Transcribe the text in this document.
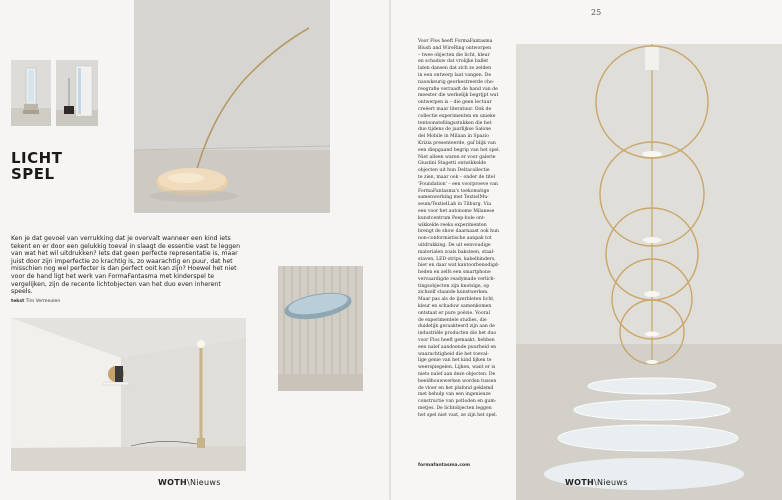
LICHT
SPEL

Ken je dat gevoel van verrukking dat je overvalt wanneer een kind iets tekent en er door een gelukkig toeval in slaagt de essentie vast te leggen van wat het wil uitdrukken? Iets dat geen perfecte representatie is, maar juist door zijn imperfectie zo krachtig is, zo waarachtig en puur, dat het misschien nog wel perfecter is dan perfect ooit kan zijn? Hoewel het niet voor de hand ligt het werk van FormaFantasma met kinderspel te vergelijken, zijn de recente lichtobjecten van het duo even inherent speels.

tekst Tim Vermeulen
WOTH\Nieuws
25
Voor Flos heeft FormaFantasma
Blush and WireRing ontworpen
– twee objecten die licht, kleur
en schaduw dat vrolijke ballet
laten dansen dat zich zo zelden
in een ontwerp laat vangen. De
nauwkeurig georkestreerde cho-
reografie verraadt de hand van de
meester die werkelijk begrijpt wat
ontwerpen is – die geen lectuur
creëert maar literatuur. Ook de
collectie experimenten en unieke
tentoonstellingsstukken die het
duo tijdens de jaarlijkse Salone
del Mobile in Milaan in Spazio
Krizia presenteerde, gaf blijk van
een diepgaand begrip van het spel.
Niet alleen waren er voor galerie
Giustini Stagetti ontwikkelde
objecten uit hun Deltacollectie
te zien, maar ook – onder de titel
'Foundation' – een voorproeve van
FormaFantasma's toekomstige
samenwerking met TextielMu-
seum/TextielLab in Tilburg. Via
een voor het autonome Milanese
kunstcentrum Peep-hole ont-
wikkelde reeks experimenten
brengt de show daarnaast ook hun
non-conformistische aanpak tot
uitdrukking. De uit eenvoudige
materialen zoals baksteen, staal-
staven, LED-strips, kabelbinders,
hier en daar wat kantoorbenodigd-
heden en zelfs een smartphone
vervaardigde readymade verlich-
tingsobjecten zijn knotsige, op
zichzelf staande kunstwerken.
Maar pas als de ijzerbleten licht,
kleur en schaduw samenkomen
ontstaat er pure poëzie. Vooral
de experimentele studies, die
duidelijk geraakteerd zijn aan de
industriële producten die het duo
voor Flos heeft gemaakt, hebben
een naïef aandoende puurheid en
waarachtigheid die het toeval-
lige genie van het kind lijken te
weerspiegelen. Lijken, want er is
niets naïef aan deze objecten. De
beeldhouwwerken worden tussen
de vloer en het plafond geklemd
met behulp van een ingenieuze
constructie van potloden en gum-
metjes. De lichtobjecten leggen
het spel niet vast, ze zijn het spel.
formafantasma.com
WOTH\Nieuws
